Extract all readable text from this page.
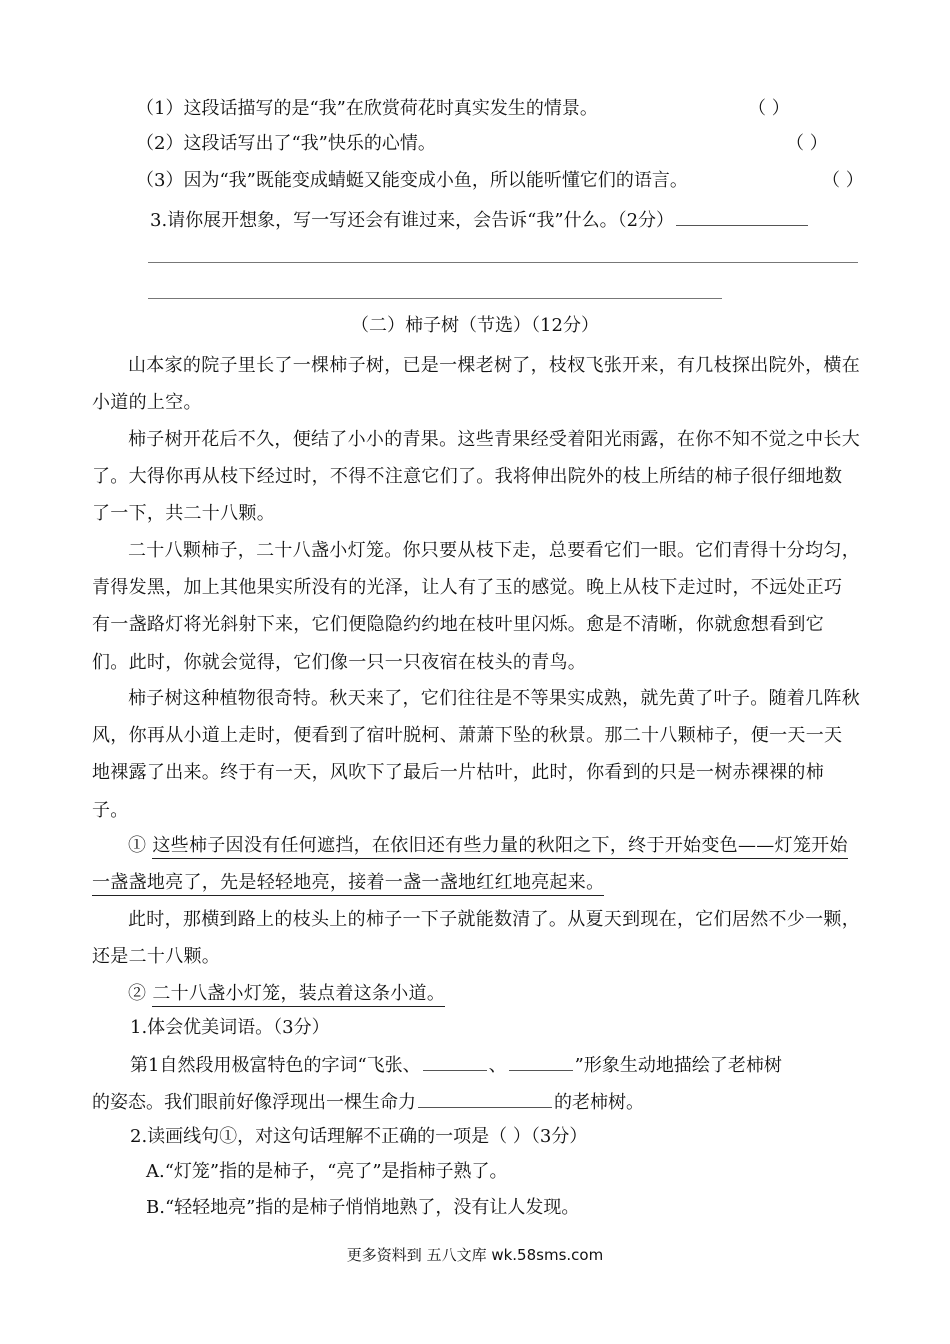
（1）这段话描写的是“我”在欣赏荷花时真实发生的情景。	（ ）
（2）这段话写出了“我”快乐的心情。	（ ）
（3）因为“我”既能变成蜻蜓又能变成小鱼，所以能听懂它们的语言。	（ ）
3.请你展开想象，写一写还会有谁过来，会告诉“我”什么。（2分）
（二）柿子树（节选）（12分）

山本家的院子里长了一棵柿子树，已是一棵老树了，枝杈飞张开来，有几枝探出院外，横在小道的上空。

柿子树开花后不久，便结了小小的青果。这些青果经受着阳光雨露，在你不知不觉之中长大了。大得你再从枝下经过时，不得不注意它们了。我将伸出院外的枝上所结的柿子很仔细地数了一下，共二十八颗。

二十八颗柿子，二十八盏小灯笼。你只要从枝下走，总要看它们一眼。它们青得十分均匀，青得发黑，加上其他果实所没有的光泽，让人有了玉的感觉。晚上从枝下走过时，不远处正巧有一盏路灯将光斜射下来，它们便隐隐约约地在枝叶里闪烁。愈是不清晰，你就愈想看到它们。此时，你就会觉得，它们像一只一只夜宿在枝头的青鸟。

柿子树这种植物很奇特。秋天来了，它们往往是不等果实成熟，就先黄了叶子。随着几阵秋风，你再从小道上走时，便看到了宿叶脱柯、萧萧下坠的秋景。那二十八颗柿子，便一天一天地裸露了出来。终于有一天，风吹下了最后一片枯叶，此时，你看到的只是一树赤裸裸的柿子。

① 这些柿子因没有任何遮挡，在依旧还有些力量的秋阳之下，终于开始变色——灯笼开始一盏盏地亮了，先是轻轻地亮，接着一盏一盏地红红地亮起来。

此时，那横到路上的枝头上的柿子一下子就能数清了。从夏天到现在，它们居然不少一颗，还是二十八颗。

② 二十八盏小灯笼，装点着这条小道。

1.体会优美词语。（3分）
第1自然段用极富特色的字词“飞张、	、	”形象生动地描绘了老柿树
的姿态。我们眼前好像浮现出一棵生命力	的老柿树。
2.读画线句①，对这句话理解不正确的一项是（ ）（3分）
A.“灯笼”指的是柿子，“亮了”是指柿子熟了。
B.“轻轻地亮”指的是柿子悄悄地熟了，没有让人发现。
更多资料到 五八文库 wk.58sms.com
